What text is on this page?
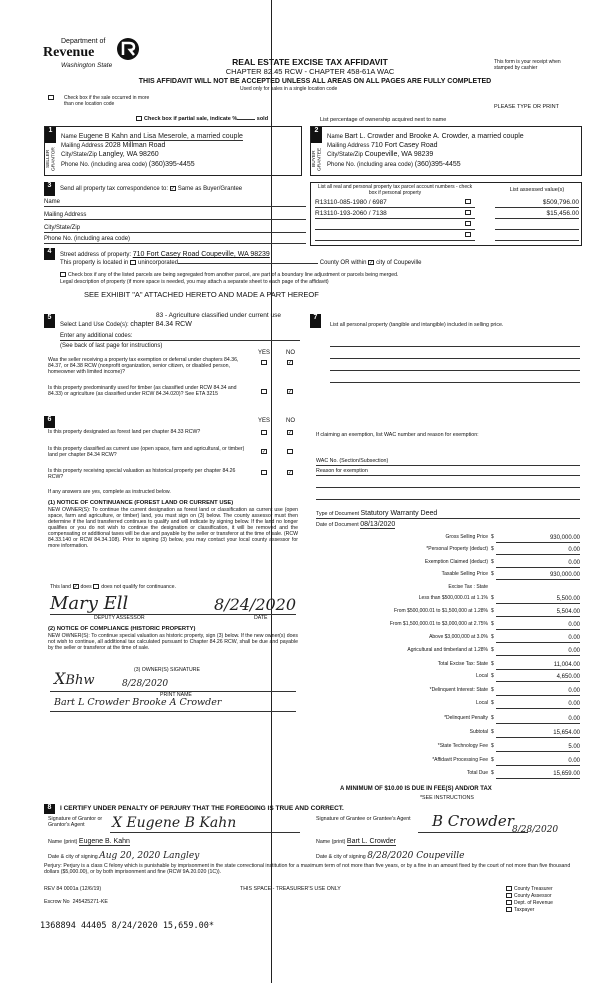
Department of
Revenue
Washington State	REAL ESTATE EXCISE TAX AFFIDAVIT
CHAPTER 82.45 RCW - CHAPTER 458-61A WAC
THIS AFFIDAVIT WILL NOT BE ACCEPTED UNLESS ALL AREAS ON ALL PAGES ARE FULLY COMPLETED
Used only for sales in a single location code
This form is your receipt when stamped by cashier
Check box if the sale occurred in more than one location code
Check box if partial sale, indicate %	sold
PLEASE TYPE OR PRINT
List percentage of ownership acquired next to name
1
SELLER GRANTOR
Name Eugene B Kahn and Lisa Meserole, a married couple
Mailing Address 2028 Millman Road
City/State/Zip Langley, WA 98260
Phone No. (including area code) (360)395-4455
2
BUYER GRANTEE
Name Bart L. Crowder and Brooke A. Crowder, a married couple
Mailing Address 710 Fort Casey Road
City/State/Zip Coupeville, WA 98239
Phone No. (including area code) (360)395-4455
3
Send all property tax correspondence to: ✓ Same as Buyer/Grantee
Name
Mailing Address
City/State/Zip
Phone No. (including area code)
List all real and personal property tax parcel account numbers - check box if personal property	List assessed value(s)
R13110-085-1980 / 6987	$509,796.00
R13110-193-2060 / 7138	$15,456.00
4	Street address of property: 710 Fort Casey Road Coupeville, WA 98239
This property is located in unincorporated	County OR within ✓ city of Coupeville
Check box if any of the listed parcels are being segregated from another parcel, are part of a boundary line adjustment or parcels being merged.
Legal description of property (if more space is needed, you may attach a separate sheet to each page of the affidavit)
SEE EXHIBIT "A" ATTACHED HERETO AND MADE A PART HEREOF
5	83 - Agriculture classified under current use
Select Land Use Code(s): chapter 84.34 RCW
Enter any additional codes:
(See back of last page for instructions)
YES	NO
Was the seller receiving a property tax exemption or deferral under chapters 84.36, 84.37, or 84.38 RCW (nonprofit organization, senior citizen, or disabled person, homeowner with limited income)?
✓
Is this property predominantly used for timber (as classified under RCW 84.34 and 84.33) or agriculture (as classified under RCW 84.34.020)? See ETA 3215	✓
6	YES	NO
Is this property designated as forest land per chapter 84.33 RCW?	✓
Is this property classified as current use (open space, farm and agricultural, or timber) land per chapter 84.34 RCW?	✓
Is this property receiving special valuation as historical property per chapter 84.26 RCW?
✓
If any answers are yes, complete as instructed below.
(1) NOTICE OF CONTINUANCE (FOREST LAND OR CURRENT USE)
NEW OWNER(S): To continue the current designation as forest land or classification as current use (open space, farm and agriculture, or timber) land, you must sign on (3) below. The county assessor must then determine if the land transferred continues to qualify and will indicate by signing below. If the land no longer qualifies or you do not wish to continue the designation or classification, it will be removed and the compensating or additional taxes will be due and payable by the seller or transferor at the time of sale. (RCW 84.33.140 or RCW 84.34.108). Prior to signing (3) below, you may contact your local county assessor for more information.
This land ✓ does does not qualify for continuance.
Mary Ell	8/24/2020
DEPUTY ASSESSOR	DATE
(2) NOTICE OF COMPLIANCE (HISTORIC PROPERTY)
NEW OWNER(S): To continue special valuation as historic property, sign (3) below. If the new owner(s) does not wish to continue, all additional tax calculated pursuant to Chapter 84.26 RCW, shall be due and payable by the seller or transferor at the time of sale.
(3) OWNER(S) SIGNATURE
XBhw	8/28/2020
PRINT NAME
Bart L Crowder Brooke A Crowder
7
List all personal property (tangible and intangible) included in selling price.
If claiming an exemption, list WAC number and reason for exemption:
WAC No. (Section/Subsection)
Reason for exemption
Type of Document Statutory Warranty Deed
Date of Document 08/13/2020
Gross Selling Price $	930,000.00
*Personal Property (deduct) $	0.00
Exemption Claimed (deduct) $	0.00
Taxable Selling Price $	930,000.00
Excise Tax : State
Less than $500,000.01 at 1.1% $	5,500.00
From $500,000.01 to $1,500,000 at 1.28% $	5,504.00
From $1,500,000.01 to $3,000,000 at 2.75% $	0.00
Above $3,000,000 at 3.0% $	0.00
Agricultural and timberland at 1.28% $	0.00
Total Excise Tax: State $	11,004.00
Local $	4,650.00
*Delinquent Interest: State $	0.00
Local $	0.00
*Delinquent Penalty $	0.00
Subtotal $	15,654.00
*State Technology Fee $	5.00
*Affidavit Processing Fee $	0.00
Total Due $	15,659.00
A MINIMUM OF $10.00 IS DUE IN FEE(S) AND/OR TAX
*SEE INSTRUCTIONS
8	I CERTIFY UNDER PENALTY OF PERJURY THAT THE FOREGOING IS TRUE AND CORRECT.
Signature of Grantor or Grantor's Agent	X Eugene B Kahn
Name (print) Eugene B. Kahn
Date & city of signing Aug 20, 2020 Langley
Signature of Grantee or Grantee's Agent	B Crowder
8/28/2020
Name (print) Bart L. Crowder
Date & city of signing 8/28/2020 Coupeville
Perjury: Perjury is a class C felony which is punishable by imprisonment in the state correctional institution for a maximum term of not more than five years, or by a fine in an amount fixed by the court of not more than five thousand dollars ($5,000.00), or by both imprisonment and fine (RCW 9A.20.020 (1C)).
REV 84 0001a (12/6/19)	THIS SPACE - TREASURER'S USE ONLY
Escrow No 245425271-KE
County Treasurer
County Assessor
Dept. of Revenue
Taxpayer
1368894 44405 8/24/2020 15,659.00*
